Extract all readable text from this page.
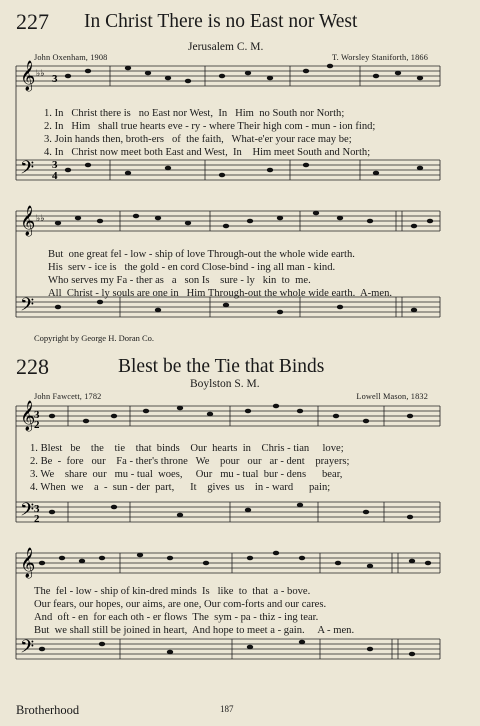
227 In Christ There is no East nor West
Jerusalem C. M.
John Oxenham, 1908	T. Worsley Staniforth, 1866
𝄞
𝄢
♭♭ 3
3
4
1. In   Christ there is   no East nor West,  In   Him  no South nor North;
2. In   Him   shall true hearts eve - ry - where Their high com - mun - ion find;
3. Join hands then, broth-ers   of  the faith,   What-e'er your race may be;
4. In   Christ now meet both East and West,  In    Him meet South and North;
𝄞
𝄢
♭♭
But  one great fel - low - ship of love Through-out the whole wide earth.
His  serv - ice is   the gold - en cord Close-bind - ing all man - kind.
Who serves my Fa - ther as   a   son Is    sure - ly   kin  to  me.
All  Christ - ly souls are one in   Him Through-out the whole wide earth.  A-men.
Copyright by George H. Doran Co.
228	Blest be the Tie that Binds
Boylston S. M.
John Fawcett, 1782	Lowell Mason, 1832
𝄞
𝄢
3
2
3
2
1. Blest   be    the    tie    that  binds    Our  hearts  in    Chris - tian     love;
2. Be  -  fore   our    Fa - ther's throne   We    pour   our   ar - dent    prayers;
3. We    share  our   mu - tual  woes,     Our   mu - tual  bur - dens      bear,
4. When  we    a  -  sun - der  part,      It    gives  us    in - ward      pain;
𝄞
𝄢
The  fel - low - ship of kin-dred minds  Is   like  to  that  a - bove.
Our fears, our hopes, our aims, are one, Our com-forts and our cares.
And  oft - en  for each oth - er flows  The  sym - pa - thiz - ing tear.
But  we shall still be joined in heart,  And hope to meet a - gain.     A - men.
Brotherhood	187
